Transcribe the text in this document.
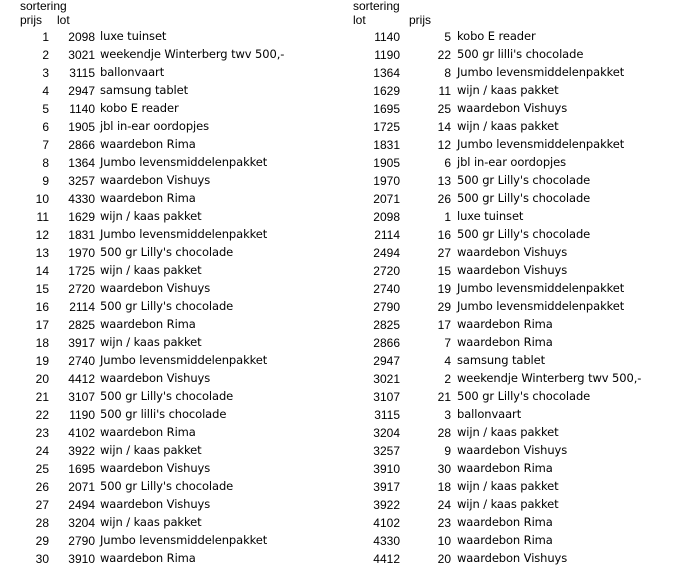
sortering
prijs lot
1	2098 luxe tuinset
2	3021 weekendje Winterberg twv 500,-
3	3115 ballonvaart
4	2947 samsung tablet
5	1140 kobo E reader
6	1905 jbl in-ear oordopjes
7	2866 waardebon Rima
8	1364 Jumbo levensmiddelenpakket
9	3257 waardebon Vishuys
10	4330 waardebon Rima
11	1629 wijn / kaas pakket
12	1831 Jumbo levensmiddelenpakket
13	1970 500 gr Lilly's chocolade
14	1725 wijn / kaas pakket
15	2720 waardebon Vishuys
16	2114 500 gr Lilly's chocolade
17	2825 waardebon Rima
18	3917 wijn / kaas pakket
19	2740 Jumbo levensmiddelenpakket
20	4412 waardebon Vishuys
21	3107 500 gr Lilly's chocolade
22	1190 500 gr lilli's chocolade
23	4102 waardebon Rima
24	3922 wijn / kaas pakket
25	1695 waardebon Vishuys
26	2071 500 gr Lilly's chocolade
27	2494 waardebon Vishuys
28	3204 wijn / kaas pakket
29	2790 Jumbo levensmiddelenpakket
30	3910 waardebon Rima
sortering
lot	prijs
1140	5 kobo E reader
1190	22 500 gr lilli's chocolade
1364	8 Jumbo levensmiddelenpakket
1629	11 wijn / kaas pakket
1695	25 waardebon Vishuys
1725	14 wijn / kaas pakket
1831	12 Jumbo levensmiddelenpakket
1905	6 jbl in-ear oordopjes
1970	13 500 gr Lilly's chocolade
2071	26 500 gr Lilly's chocolade
2098	1 luxe tuinset
2114	16 500 gr Lilly's chocolade
2494	27 waardebon Vishuys
2720	15 waardebon Vishuys
2740	19 Jumbo levensmiddelenpakket
2790	29 Jumbo levensmiddelenpakket
2825	17 waardebon Rima
2866	7 waardebon Rima
2947	4 samsung tablet
3021	2 weekendje Winterberg twv 500,-
3107	21 500 gr Lilly's chocolade
3115	3 ballonvaart
3204	28 wijn / kaas pakket
3257	9 waardebon Vishuys
3910	30 waardebon Rima
3917	18 wijn / kaas pakket
3922	24 wijn / kaas pakket
4102	23 waardebon Rima
4330	10 waardebon Rima
4412	20 waardebon Vishuys
